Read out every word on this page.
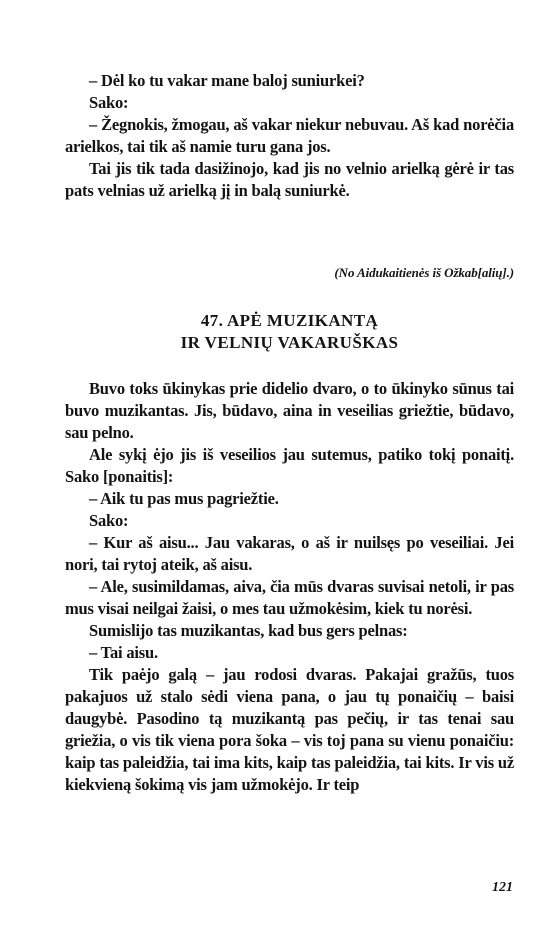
– Dėl ko tu vakar mane baloj suniurkei?

Sako:

– Žegnokis, žmogau, aš vakar niekur nebuvau. Aš kad norėčia arielkos, tai tik aš namie turu gana jos.

Tai jis tik tada dasižinojo, kad jis no velnio arielką gėrė ir tas pats velnias už arielką jį in balą suniurkė.

(No Aidukaitienės iš Ožkab[alių].)
47. APĖ MUZIKANTĄ
IR VELNIŲ VAKARUŠKAS

Buvo toks ūkinykas prie didelio dvaro, o to ūkinyko sūnus tai buvo muzikantas. Jis, būdavo, aina in veseilias griežtie, būdavo, sau pelno.

Ale sykį ėjo jis iš veseilios jau sutemus, patiko tokį ponaitį. Sako [ponaitis]:

– Aik tu pas mus pagriežtie.

Sako:

– Kur aš aisu... Jau vakaras, o aš ir nuilsęs po veseiliai. Jei nori, tai rytoj ateik, aš aisu.

– Ale, susimildamas, aiva, čia mūs dvaras suvisai netoli, ir pas mus visai neilgai žaisi, o mes tau užmokėsim, kiek tu norėsi.

Sumislijo tas muzikantas, kad bus gers pelnas:

– Tai aisu.

Tik paėjo galą – jau rodosi dvaras. Pakajai gražūs, tuos pakajuos už stalo sėdi viena pana, o jau tų ponaičių – baisi daugybė. Pasodino tą muzikantą pas pečių, ir tas tenai sau griežia, o vis tik viena pora šoka – vis toj pana su vienu ponaičiu: kaip tas paleidžia, tai ima kits, kaip tas paleidžia, tai kits. Ir vis už kiekvieną šokimą vis jam užmokėjo. Ir teip

121
